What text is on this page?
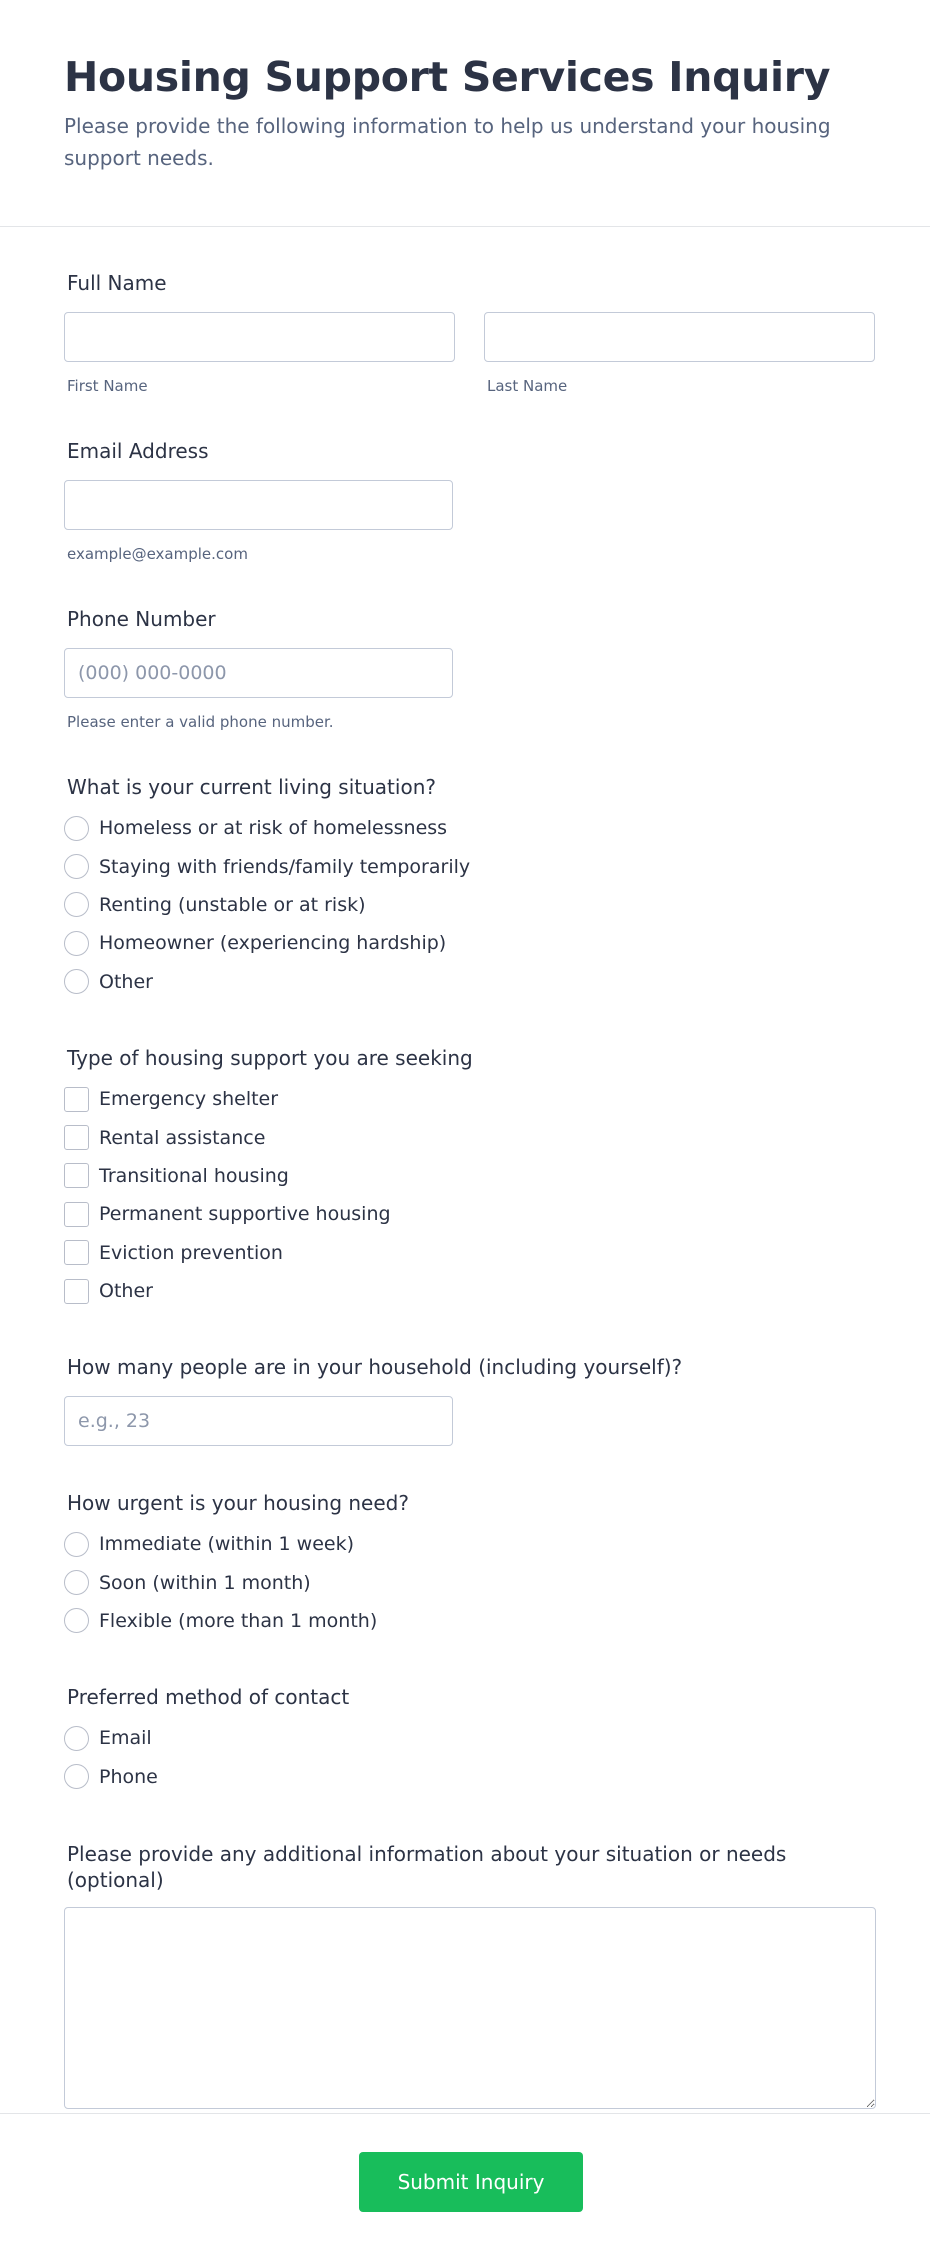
Housing Support Services Inquiry

Please provide the following information to help us understand your housing support needs.

Full Name
First Name	Last Name
Email Address
example@example.com
Phone Number
(000) 000-0000
Please enter a valid phone number.
What is your current living situation?
Homeless or at risk of homelessness
Staying with friends/family temporarily
Renting (unstable or at risk)
Homeowner (experiencing hardship)
Other
Type of housing support you are seeking
Emergency shelter
Rental assistance
Transitional housing
Permanent supportive housing
Eviction prevention
Other
How many people are in your household (including yourself)?
e.g., 23
How urgent is your housing need?
Immediate (within 1 week)
Soon (within 1 month)
Flexible (more than 1 month)
Preferred method of contact
Email
Phone
Please provide any additional information about your situation or needs (optional)
Submit Inquiry
